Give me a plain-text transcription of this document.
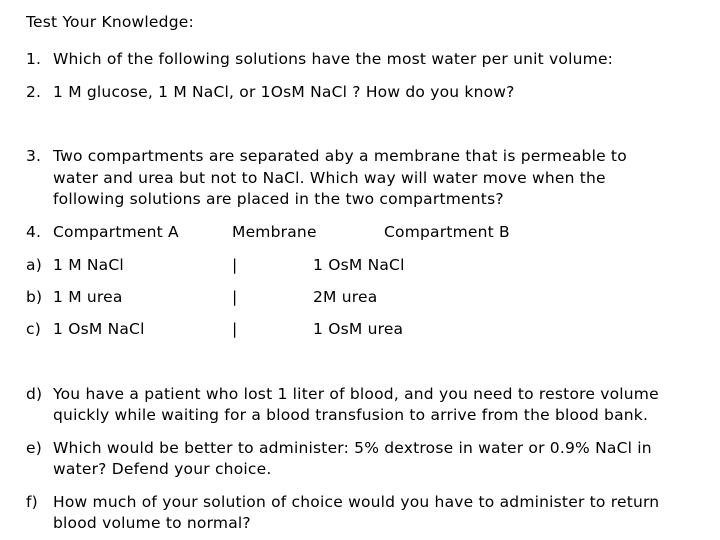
Test Your Knowledge:
1. Which of the following solutions have the most water per unit volume:
2. 1 M glucose, 1 M NaCl, or 1OsM NaCl ? How do you know?
3. Two compartments are separated aby a membrane that is permeable to
water and urea but not to NaCl. Which way will water move when the
following solutions are placed in the two compartments?
4. Compartment A	Membrane	Compartment B
a) 1 M NaCl	|	1 OsM NaCl
b) 1 M urea	|	2M urea
c) 1 OsM NaCl	|	1 OsM urea
d) You have a patient who lost 1 liter of blood, and you need to restore volume
quickly while waiting for a blood transfusion to arrive from the blood bank.
e) Which would be better to administer: 5% dextrose in water or 0.9% NaCl in
water? Defend your choice.
f) How much of your solution of choice would you have to administer to return
blood volume to normal?
